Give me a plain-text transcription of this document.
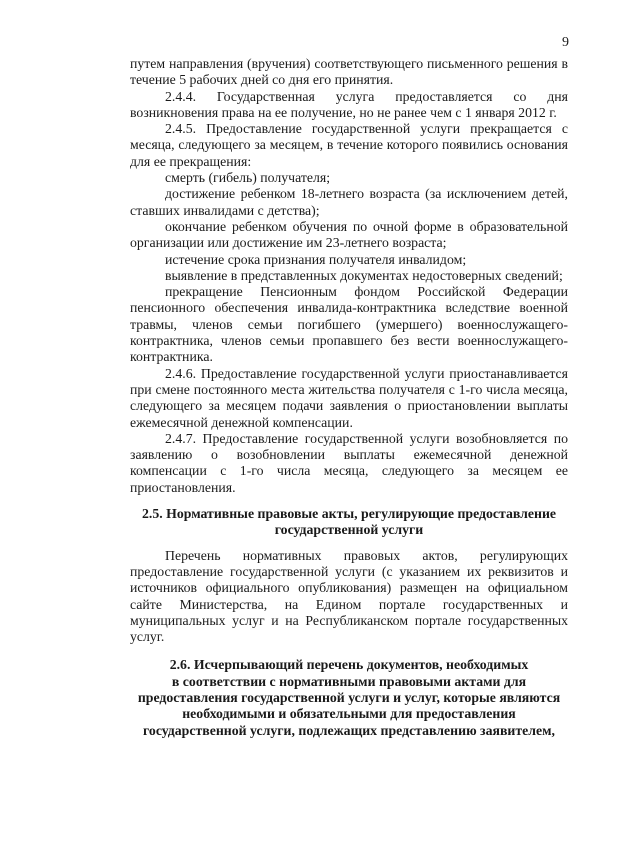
9

путем направления (вручения) соответствующего письменного решения в течение 5 рабочих дней со дня его принятия.

2.4.4. Государственная услуга предоставляется со дня возникновения права на ее получение, но не ранее чем с 1 января 2012 г.

2.4.5. Предоставление государственной услуги прекращается с месяца, следующего за месяцем, в течение которого появились основания для ее прекращения:

смерть (гибель) получателя;

достижение ребенком 18-летнего возраста (за исключением детей, ставших инвалидами с детства);

окончание ребенком обучения по очной форме в образовательной организации или достижение им 23-летнего возраста;

истечение срока признания получателя инвалидом;

выявление в представленных документах недостоверных сведений;

прекращение Пенсионным фондом Российской Федерации пенсионного обеспечения инвалида-контрактника вследствие военной травмы, членов семьи погибшего (умершего) военнослужащего-контрактника, членов семьи пропавшего без вести военнослужащего-контрактника.

2.4.6. Предоставление государственной услуги приостанавливается при смене постоянного места жительства получателя с 1-го числа месяца, следующего за месяцем подачи заявления о приостановлении выплаты ежемесячной денежной компенсации.

2.4.7. Предоставление государственной услуги возобновляется по заявлению о возобновлении выплаты ежемесячной денежной компенсации с 1-го числа месяца, следующего за месяцем ее приостановления.

2.5. Нормативные правовые акты, регулирующие предоставление
государственной услуги

Перечень нормативных правовых актов, регулирующих предоставление государственной услуги (с указанием их реквизитов и источников официального опубликования) размещен на официальном сайте Министерства, на Едином портале государственных и муниципальных услуг и на Республиканском портале государственных услуг.

2.6. Исчерпывающий перечень документов, необходимых
в соответствии с нормативными правовыми актами для
предоставления государственной услуги и услуг, которые являются
необходимыми и обязательными для предоставления
государственной услуги, подлежащих представлению заявителем,
